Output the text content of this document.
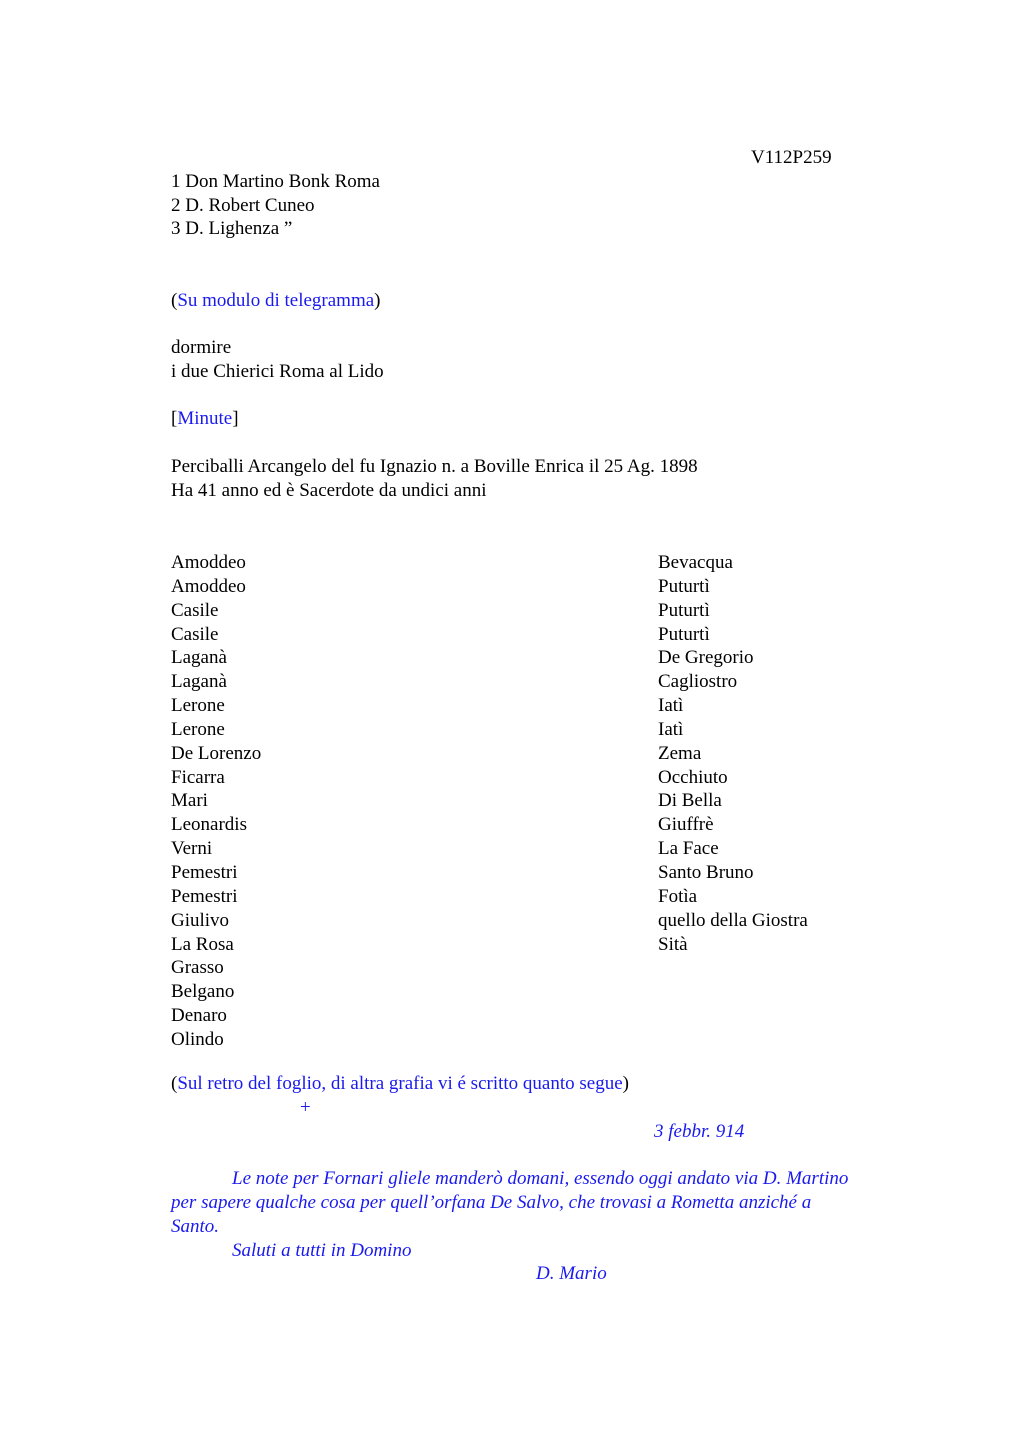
V112P259
1 Don Martino Bonk Roma
2 D. Robert Cuneo
3 D. Lighenza ”
(Su modulo di telegramma)
dormire
i due Chierici Roma al Lido
[Minute]
Perciballi Arcangelo del fu Ignazio n. a Boville Enrica il 25 Ag. 1898
Ha 41 anno ed è Sacerdote da undici anni
Amoddeo
Amoddeo
Casile
Casile
Laganà
Laganà
Lerone
Lerone
De Lorenzo
Ficarra
Mari
Leonardis
Verni
Pemestri
Pemestri
Giulivo
La Rosa
Grasso
Belgano
Denaro
Olindo
Bevacqua
Puturtì
Puturtì
Puturtì
De Gregorio
Cagliostro
Iatì
Iatì
Zema
Occhiuto
Di Bella
Giuffrè
La Face
Santo Bruno
Fotìa
quello della Giostra
Sità
(Sul retro del foglio, di altra grafia vi é scritto quanto segue)
+
3 febbr. 914
Le note per Fornari gliele manderò domani, essendo oggi andato via D. Martino
per sapere qualche cosa per quell’orfana De Salvo, che trovasi a Rometta anziché a
Santo.
Saluti a tutti in Domino
D. Mario
